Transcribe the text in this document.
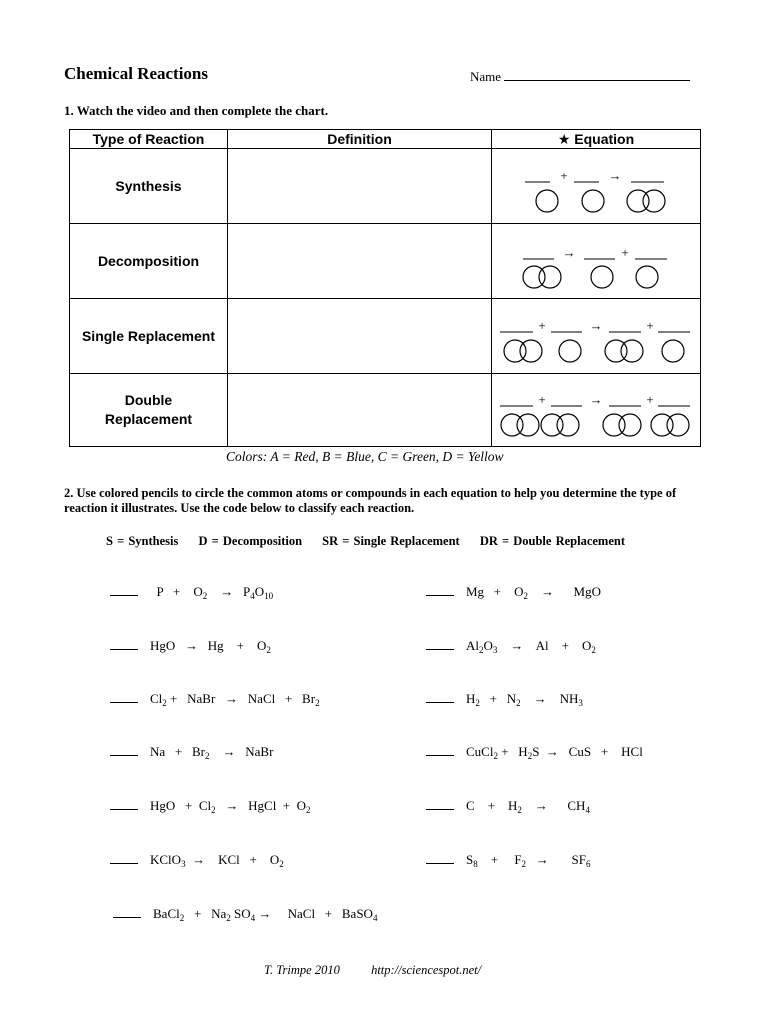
Chemical Reactions	Name
1. Watch the video and then complete the chart.
Type of Reaction	Definition	★ Equation
Synthesis		+ →

Decomposition		→ +

Single Replacement		+ → +

Double Replacement		+ → +
Colors: A = Red, B = Blue, C = Green, D = Yellow
2. Use colored pencils to circle the common atoms or compounds in each equation to help you determine the type of reaction it illustrates. Use the code below to classify each reaction.
S = Synthesis D = Decomposition SR = Single Replacement DR = Double Replacement
P   +    $O_2$    →   $P_4O_{10}$
HgO   →   Hg    +    $O_2$
$Cl_2$ +   NaBr   →   NaCl   +   $Br_2$
$Na + Br_2$    →   NaBr
HgO   +  $Cl_2$   →   HgCl  +  $O_2$
KClO$_3$  →    KCl   +    $O_2$
BaCl$_2$   +   $Na_2$ $SO_4$ →     NaCl   +   BaSO$_4$
Mg   +    $O_2$    →      MgO
$Al_2O_3$    →    Al    +    $O_2$
$H_2 + N_2$    →    $NH_3$
CuCl$_2$ +   $H_2S$  →   CuS   +    HCl
C    +    $H_2$    →      $CH_4$
$S_8$    +     $F_2$   →       $SF_6$
T. Trimpe 2010	http://sciencespot.net/
